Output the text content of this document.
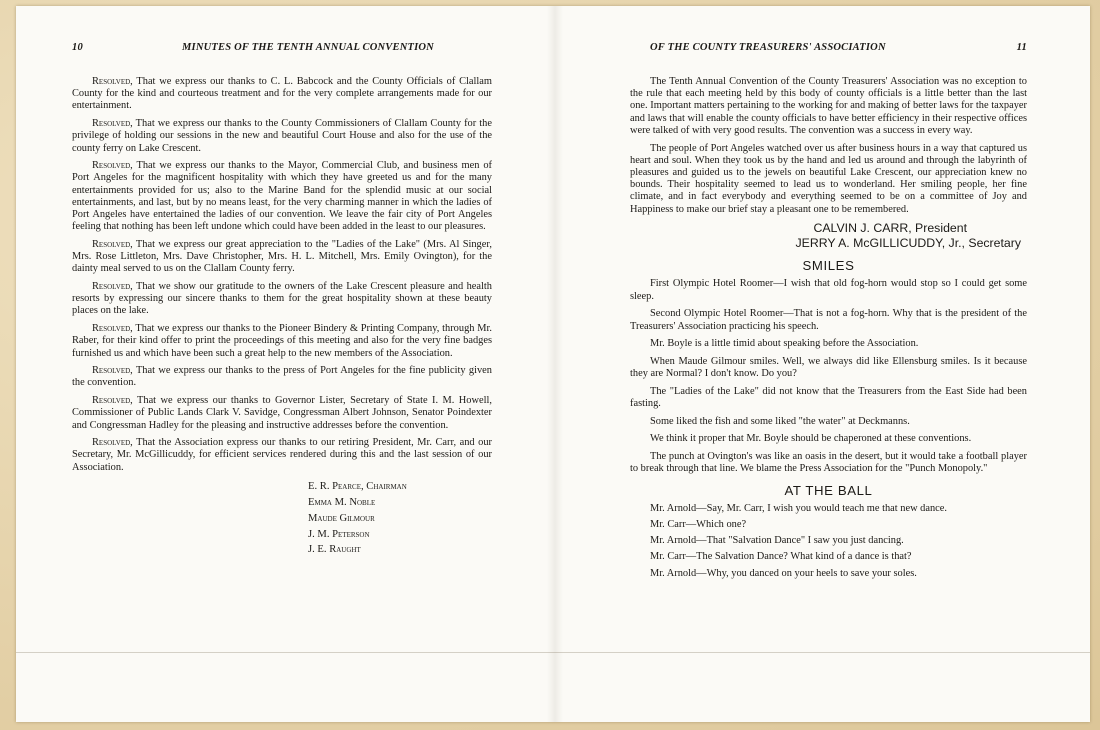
10	MINUTES OF THE TENTH ANNUAL CONVENTION

Resolved, That we express our thanks to C. L. Babcock and the County Officials of Clallam County for the kind and courteous treatment and for the very complete arrangements made for our entertainment.

Resolved, That we express our thanks to the County Commissioners of Clallam County for the privilege of holding our sessions in the new and beautiful Court House and also for the use of the county ferry on Lake Crescent.

Resolved, That we express our thanks to the Mayor, Commercial Club, and business men of Port Angeles for the magnificent hospitality with which they have greeted us and for the many entertainments provided for us; also to the Marine Band for the splendid music at our social entertainments, and last, but by no means least, for the very charming manner in which the ladies of Port Angeles have entertained the ladies of our convention. We leave the fair city of Port Angeles feeling that nothing has been left undone which could have been added in the least to our pleasures.

Resolved, That we express our great appreciation to the "Ladies of the Lake" (Mrs. Al Singer, Mrs. Rose Littleton, Mrs. Dave Christopher, Mrs. H. L. Mitchell, Mrs. Emily Ovington), for the dainty meal served to us on the Clallam County ferry.

Resolved, That we show our gratitude to the owners of the Lake Crescent pleasure and health resorts by expressing our sincere thanks to them for the great hospitality shown at these beauty places on the lake.

Resolved, That we express our thanks to the Pioneer Bindery & Printing Company, through Mr. Raber, for their kind offer to print the proceedings of this meeting and also for the very fine badges furnished us and which have been such a great help to the new members of the Association.

Resolved, That we express our thanks to the press of Port Angeles for the fine publicity given the convention.

Resolved, That we express our thanks to Governor Lister, Secretary of State I. M. Howell, Commissioner of Public Lands Clark V. Savidge, Congressman Albert Johnson, Senator Poindexter and Congressman Hadley for the pleasing and instructive addresses before the convention.

Resolved, That the Association express our thanks to our retiring President, Mr. Carr, and our Secretary, Mr. McGillicuddy, for efficient services rendered during this and the last session of our Association.

E. R. Pearce, Chairman
Emma M. Noble
Maude Gilmour
J. M. Peterson
J. E. Raught
OF THE COUNTY TREASURERS' ASSOCIATION	11

The Tenth Annual Convention of the County Treasurers' Association was no exception to the rule that each meeting held by this body of county officials is a little better than the last one. Important matters pertaining to the working for and making of better laws for the taxpayer and laws that will enable the county officials to have better efficiency in their respective offices were talked of with very good results. The convention was a success in every way.

The people of Port Angeles watched over us after business hours in a way that captured us heart and soul. When they took us by the hand and led us around and through the labyrinth of pleasures and guided us to the jewels on beautiful Lake Crescent, our appreciation knew no bounds. Their hospitality seemed to lead us to wonderland. Her smiling people, her fine climate, and in fact everybody and everything seemed to be on a committee of Joy and Happiness to make our brief stay a pleasant one to be remembered.

CALVIN J. CARR, President
JERRY A. McGILLICUDDY, Jr., Secretary
SMILES

First Olympic Hotel Roomer—I wish that old fog-horn would stop so I could get some sleep.

Second Olympic Hotel Roomer—That is not a fog-horn. Why that is the president of the Treasurers' Association practicing his speech.

Mr. Boyle is a little timid about speaking before the Association.

When Maude Gilmour smiles. Well, we always did like Ellensburg smiles. Is it because they are Normal? I don't know. Do you?

The "Ladies of the Lake" did not know that the Treasurers from the East Side had been fasting.

Some liked the fish and some liked "the water" at Deckmanns.

We think it proper that Mr. Boyle should be chaperoned at these conventions.

The punch at Ovington's was like an oasis in the desert, but it would take a football player to break through that line. We blame the Press Association for the "Punch Monopoly."

AT THE BALL

Mr. Arnold—Say, Mr. Carr, I wish you would teach me that new dance.

Mr. Carr—Which one?

Mr. Arnold—That "Salvation Dance" I saw you just dancing.

Mr. Carr—The Salvation Dance? What kind of a dance is that?

Mr. Arnold—Why, you danced on your heels to save your soles.
